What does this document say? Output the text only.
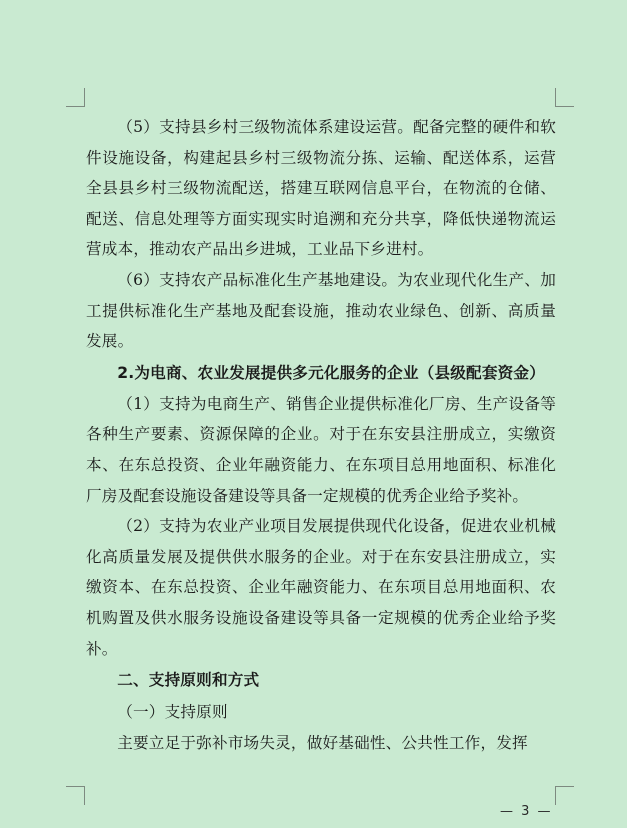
（5）支持县乡村三级物流体系建设运营。配备完整的硬件和软件设施设备，构建起县乡村三级物流分拣、运输、配送体系，运营全县县乡村三级物流配送，搭建互联网信息平台，在物流的仓储、配送、信息处理等方面实现实时追溯和充分共享，降低快递物流运营成本，推动农产品出乡进城，工业品下乡进村。

（6）支持农产品标准化生产基地建设。为农业现代化生产、加工提供标准化生产基地及配套设施，推动农业绿色、创新、高质量发展。

2.为电商、农业发展提供多元化服务的企业（县级配套资金）

（1）支持为电商生产、销售企业提供标准化厂房、生产设备等各种生产要素、资源保障的企业。对于在东安县注册成立，实缴资本、在东总投资、企业年融资能力、在东项目总用地面积、标准化厂房及配套设施设备建设等具备一定规模的优秀企业给予奖补。

（2）支持为农业产业项目发展提供现代化设备，促进农业机械化高质量发展及提供供水服务的企业。对于在东安县注册成立，实缴资本、在东总投资、企业年融资能力、在东项目总用地面积、农机购置及供水服务设施设备建设等具备一定规模的优秀企业给予奖补。

二、支持原则和方式

（一）支持原则

主要立足于弥补市场失灵，做好基础性、公共性工作，发挥

— 3 —
